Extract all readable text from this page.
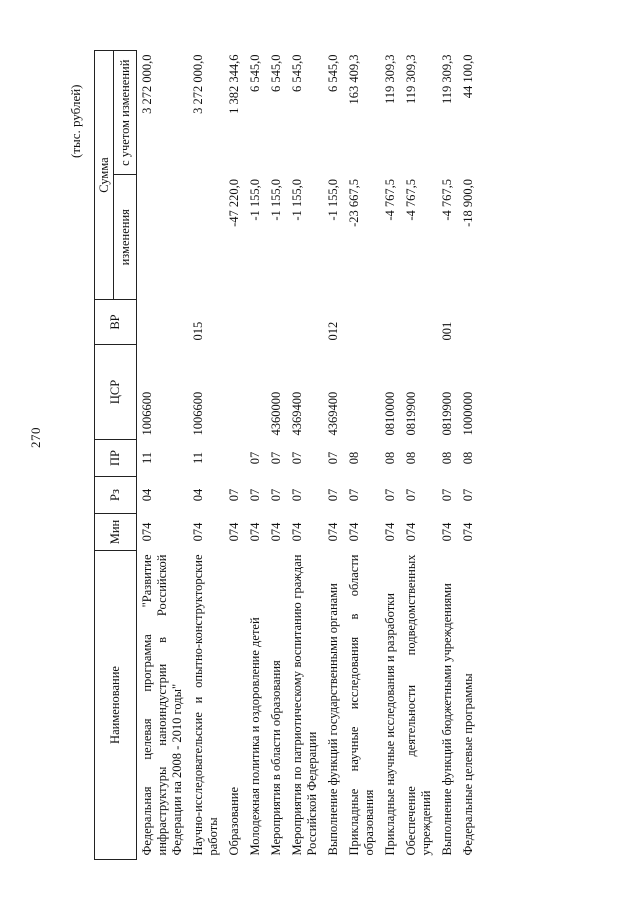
270
(тыс. рублей)
Наименование	Мин	Рз	ПР	ЦСР	ВР	Сумма	
						изменения	с учетом изменений
Федеральная целевая программа "Развитие инфраструктуры наноиндустрии в Российской Федерации на 2008 - 2010 годы"	074	04	11	1006600			3 272 000,0
Научно-исследовательские и опытно-конструкторские работы	074	04	11	1006600	015		3 272 000,0
Образование	074	07				-47 220,0	1 382 344,6
Молодежная политика и оздоровление детей	074	07	07			-1 155,0	6 545,0
Мероприятия в области образования	074	07	07	4360000		-1 155,0	6 545,0
Мероприятия по патриотическому воспитанию граждан Российской Федерации	074	07	07	4369400		-1 155,0	6 545,0
Выполнение функций государственными органами	074	07	07	4369400	012	-1 155,0	6 545,0
Прикладные научные исследования в области образования	074	07	08			-23 667,5	163 409,3
Прикладные научные исследования и разработки	074	07	08	0810000		-4 767,5	119 309,3
Обеспечение деятельности подведомственных учреждений	074	07	08	0819900		-4 767,5	119 309,3
Выполнение функций бюджетными учреждениями	074	07	08	0819900	001	-4 767,5	119 309,3
Федеральные целевые программы	074	07	08	1000000		-18 900,0	44 100,0
